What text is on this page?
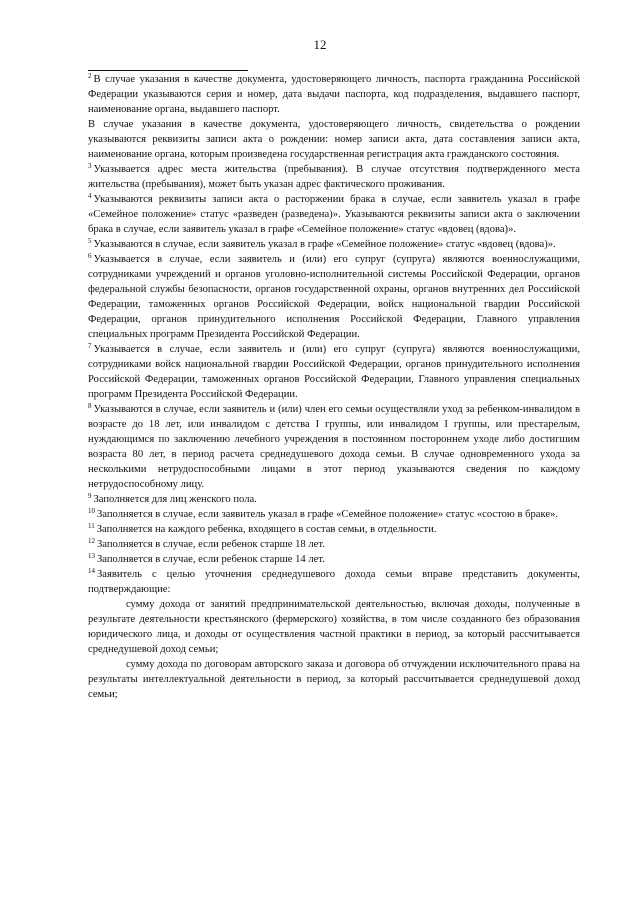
12

$^2$ В случае указания в качестве документа, удостоверяющего личность, паспорта гражданина Российской Федерации указываются серия и номер, дата выдачи паспорта, код подразделения, выдавшего паспорт, наименование органа, выдавшего паспорт.

В случае указания в качестве документа, удостоверяющего личность, свидетельства о рождении указываются реквизиты записи акта о рождении: номер записи акта, дата составления записи акта, наименование органа, которым произведена государственная регистрация акта гражданского состояния.

$^3$ Указывается адрес места жительства (пребывания). В случае отсутствия подтвержденного места жительства (пребывания), может быть указан адрес фактического проживания.

$^4$ Указываются реквизиты записи акта о расторжении брака в случае, если заявитель указал в графе «Семейное положение» статус «разведен (разведена)». Указываются реквизиты записи акта о заключении брака в случае, если заявитель указал в графе «Семейное положение» статус «вдовец (вдова)».

$^5$ Указываются в случае, если заявитель указал в графе «Семейное положение» статус «вдовец (вдова)».

$^6$ Указывается в случае, если заявитель и (или) его супруг (супруга) являются военнослужащими, сотрудниками учреждений и органов уголовно-исполнительной системы Российской Федерации, органов федеральной службы безопасности, органов государственной охраны, органов внутренних дел Российской Федерации, таможенных органов Российской Федерации, войск национальной гвардии Российской Федерации, органов принудительного исполнения Российской Федерации, Главного управления специальных программ Президента Российской Федерации.

$^7$ Указывается в случае, если заявитель и (или) его супруг (супруга) являются военнослужащими, сотрудниками войск национальной гвардии Российской Федерации, органов принудительного исполнения Российской Федерации, таможенных органов Российской Федерации, Главного управления специальных программ Президента Российской Федерации.

$^8$ Указываются в случае, если заявитель и (или) член его семьи осуществляли уход за ребенком-инвалидом в возрасте до 18 лет, или инвалидом с детства I группы, или инвалидом I группы, или престарелым, нуждающимся по заключению лечебного учреждения в постоянном постороннем уходе либо достигшим возраста 80 лет, в период расчета среднедушевого дохода семьи. В случае одновременного ухода за несколькими нетрудоспособными лицами в этот период указываются сведения по каждому нетрудоспособному лицу.

$^9$ Заполняется для лиц женского пола.

$^{10}$ Заполняется в случае, если заявитель указал в графе «Семейное положение» статус «состою в браке».

$^{11}$ Заполняется на каждого ребенка, входящего в состав семьи, в отдельности.

$^{12}$ Заполняется в случае, если ребенок старше 18 лет.

$^{13}$ Заполняется в случае, если ребенок старше 14 лет.

$^{14}$ Заявитель с целью уточнения среднедушевого дохода семьи вправе представить документы, подтверждающие:

сумму дохода от занятий предпринимательской деятельностью, включая доходы, полученные в результате деятельности крестьянского (фермерского) хозяйства, в том числе созданного без образования юридического лица, и доходы от осуществления частной практики в период, за который рассчитывается среднедушевой доход семьи;

сумму дохода по договорам авторского заказа и договора об отчуждении исключительного права на результаты интеллектуальной деятельности в период, за который рассчитывается среднедушевой доход семьи;
